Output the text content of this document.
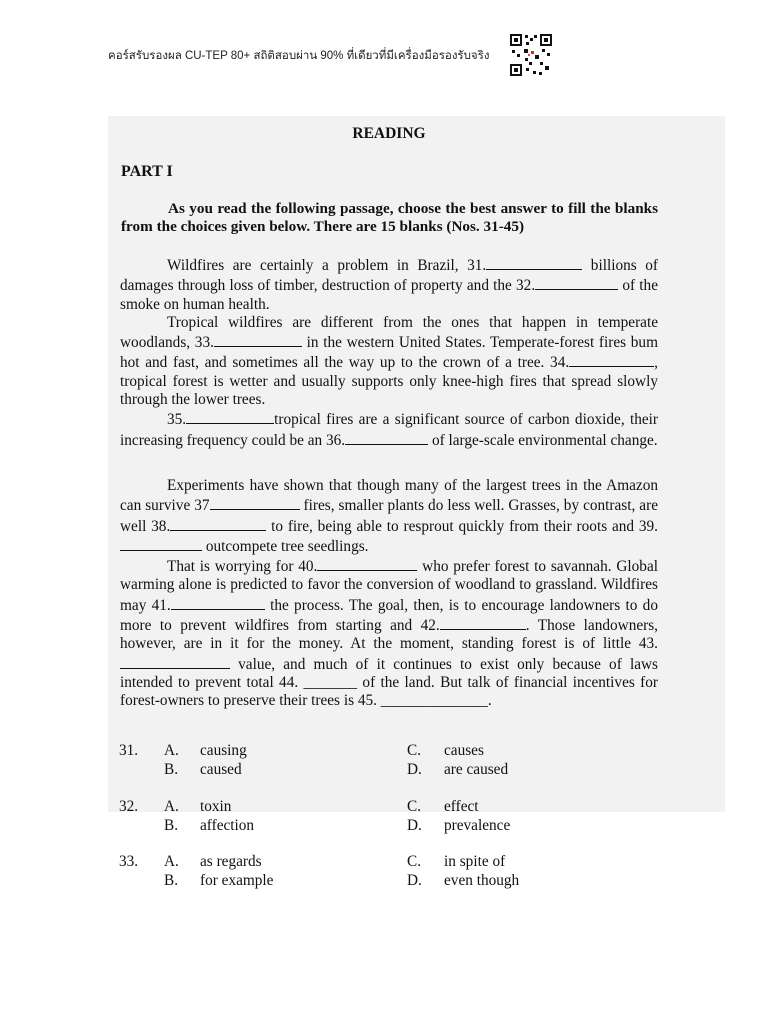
คอร์สรับรองผล CU-TEP 80+ สถิติสอบผ่าน 90% ที่เดียวที่มีเครื่องมือรองรับจริง
READING
PART I
As you read the following passage, choose the best answer to fill the blanks from the choices given below. There are 15 blanks (Nos. 31-45)

Wildfires are certainly a problem in Brazil, 31.	billions of damages through loss of timber, destruction of property and the 32.	of the smoke on human health.

Tropical wildfires are different from the ones that happen in temperate woodlands, 33.	in the western United States. Temperate-forest fires bum hot and fast, and sometimes all the way up to the crown of a tree. 34.	, tropical forest is wetter and usually supports only knee-high fires that spread slowly through the lower trees.

35.	tropical fires are a significant source of carbon dioxide, their increasing frequency could be an 36.	of large-scale environmental change.

Experiments have shown that though many of the largest trees in the Amazon can survive 37	fires, smaller plants do less well. Grasses, by contrast, are well 38.	to fire, being able to resprout quickly from their roots and 39. outcompete tree seedlings.

That is worrying for 40.	who prefer forest to savannah. Global warming alone is predicted to favor the conversion of woodland to grassland. Wildfires may 41.	the process. The goal, then, is to encourage landowners to do more to prevent wildfires from starting and 42.	. Those landowners, however, are in it for the money. At the moment, standing forest is of little 43. value, and much of it continues to exist only because of laws intended to prevent total 44. _______ of the land. But talk of financial incentives for forest-owners to preserve their trees is 45. ______________.

31. A. causing	C. causes
B. caused	D. are caused
32. A. toxin	C. effect
B. affection	D. prevalence
33. A. as regards	C. in spite of
B. for example	D. even though
